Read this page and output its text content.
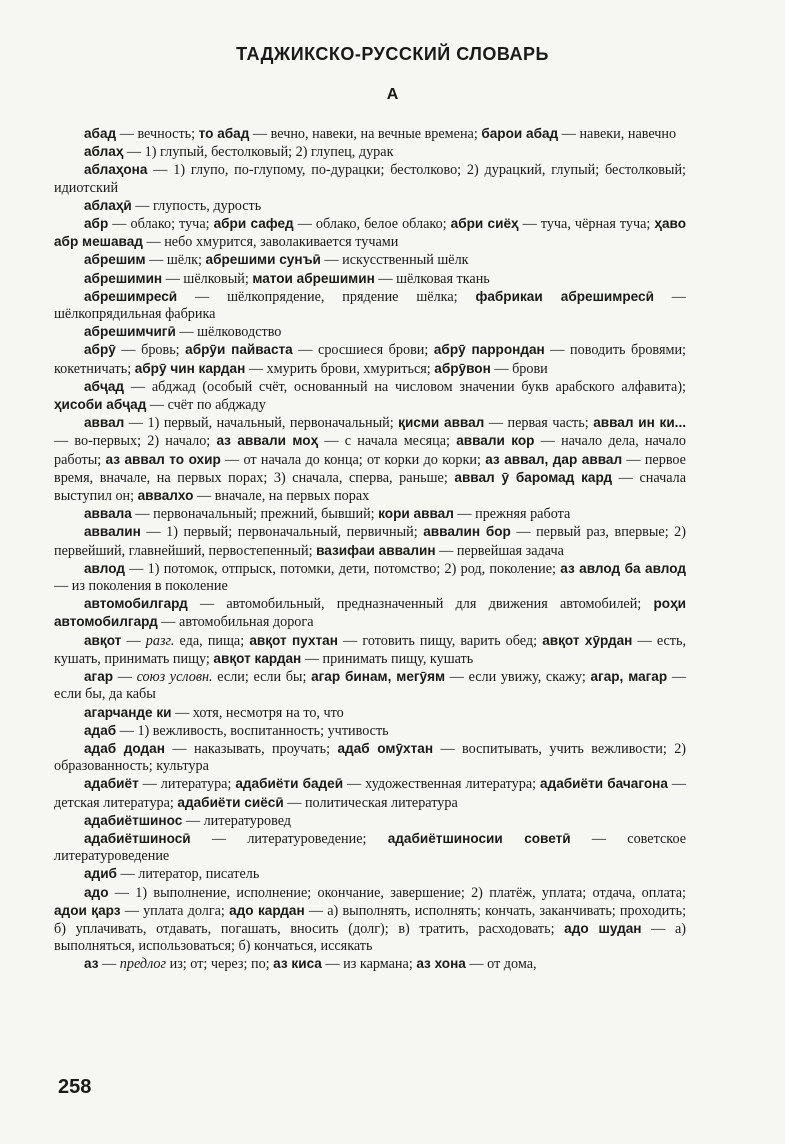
ТАДЖИКСКО-РУССКИЙ СЛОВАРЬ
А

абад — вечность; то абад — вечно, навеки, на вечные времена; барои абад — навеки, навечно

аблаҳ — 1) глупый, бестолковый; 2) глупец, дурак

аблаҳона — 1) глупо, по-глупому, по-дурацки; бестолково; 2) дурацкий, глупый; бестолковый; идиотский

аблаҳӣ — глупость, дурость

абр — облако; туча; абри сафед — облако, белое облако; абри сиёҳ — туча, чёрная туча; ҳаво абр мешавад — небо хмурится, заволакивается тучами

абрешим — шёлк; абрешими сунъӣ — искусственный шёлк

абрешимин — шёлковый; матои абрешимин — шёлковая ткань

абрешимресӣ — шёлкопрядение, прядение шёлка; фабрикаи абрешимресӣ — шёлкопрядильная фабрика

абрешимчигӣ — шёлководство

абрӯ — бровь; абрӯи пайваста — сросшиеся брови; абрӯ паррондан — поводить бровями; кокетничать; абрӯ чин кардан — хмурить брови, хмуриться; абрӯвон — брови

абҷад — абджад (особый счёт, основанный на числовом значении букв арабского алфавита); ҳисоби абҷад — счёт по абджаду

аввал — 1) первый, начальный, первоначальный; қисми аввал — первая часть; аввал ин ки... — во-первых; 2) начало; аз аввали моҳ — с начала месяца; аввали кор — начало дела, начало работы; аз аввал то охир — от начала до конца; от корки до корки; аз аввал, дар аввал — первое время, вначале, на первых порах; 3) сначала, сперва, раньше; аввал ӯ баромад кард — сначала выступил он; аввалхо — вначале, на первых порах

аввала — первоначальный; прежний, бывший; кори аввал — прежняя работа

аввалин — 1) первый; первоначальный, первичный; аввалин бор — первый раз, впервые; 2) первейший, главнейший, первостепенный; вазифаи аввалин — первейшая задача

авлод — 1) потомок, отпрыск, потомки, дети, потомство; 2) род, поколение; аз авлод ба авлод — из поколения в поколение

автомобилгард — автомобильный, предназначенный для движения автомобилей; роҳи автомобилгард — автомобильная дорога

авқот — разг. еда, пища; авқот пухтан — готовить пищу, варить обед; авқот хӯрдан — есть, кушать, принимать пищу; авқот кардан — принимать пищу, кушать

агар — союз условн. если; если бы; агар бинам, мегӯям — если увижу, скажу; агар, магар — если бы, да кабы

агарчанде ки — хотя, несмотря на то, что

адаб — 1) вежливость, воспитанность; учтивость

адаб додан — наказывать, проучать; адаб омӯхтан — воспитывать, учить вежливости; 2) образованность; культура

адабиёт — литература; адабиёти бадеӣ — художественная литература; адабиёти бачагона — детская литература; адабиёти сиёсӣ — политическая литература

адабиётшинос — литературовед

адабиётшиносӣ — литературоведение; адабиётшиносии советӣ — советское литературоведение

адиб — литератор, писатель

адо — 1) выполнение, исполнение; окончание, завершение; 2) платёж, уплата; отдача, оплата; адои қарз — уплата долга; адо кардан — а) выполнять, исполнять; кончать, заканчивать; проходить; б) уплачивать, отдавать, погашать, вносить (долг); в) тратить, расходовать; адо шудан — а) выполняться, использоваться; б) кончаться, иссякать

аз — предлог из; от; через; по; аз киса — из кармана; аз хона — от дома,

258
